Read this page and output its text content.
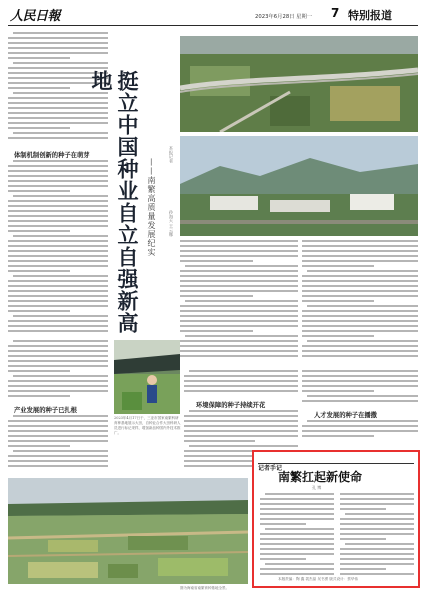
人民日報	2023年6月28日 星期一 7 特别报道
体制机制创新的种子在萌芽
产业发展的种子已扎根
挺立中国种业自立自强新高地
——南繁高质量发展纪实
本报记者
孙海天 王云娜
2023年4月17日于，三亚市国家南繁科研育种基地展示大田，自种业合作大田科研人员进行标记采样，增加新品种国内外技术推广。
环境保障的种子持续开花
人才发展的种子在播撒
图为海南省南繁育种基地全景。
记者手记
南繁扛起新使命
孔 博
本版责编：陶 鑫 裴杰晶 吴书勇 版式设计：蔡华伟
